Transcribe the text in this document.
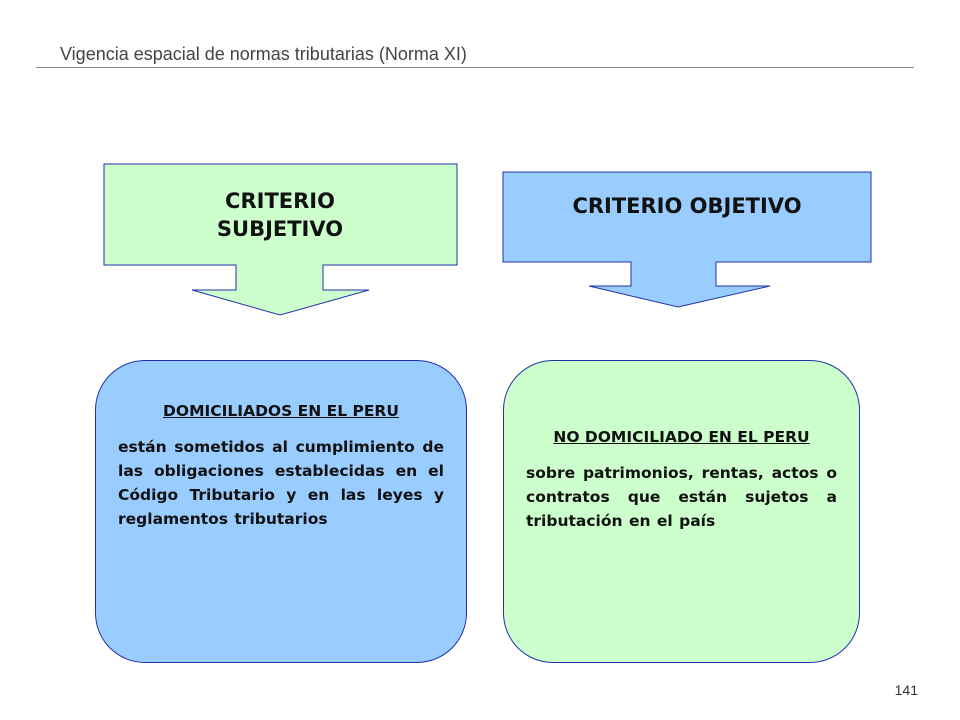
Vigencia espacial de normas tributarias (Norma XI)
CRITERIO SUBJETIVO
CRITERIO OBJETIVO

DOMICILIADOS EN EL PERU

están sometidos al cumplimiento de las obligaciones establecidas en el Código Tributario y en las leyes y reglamentos tributarios

NO DOMICILIADO EN EL PERU

sobre patrimonios, rentas, actos o contratos que están sujetos a tributación en el país

141
